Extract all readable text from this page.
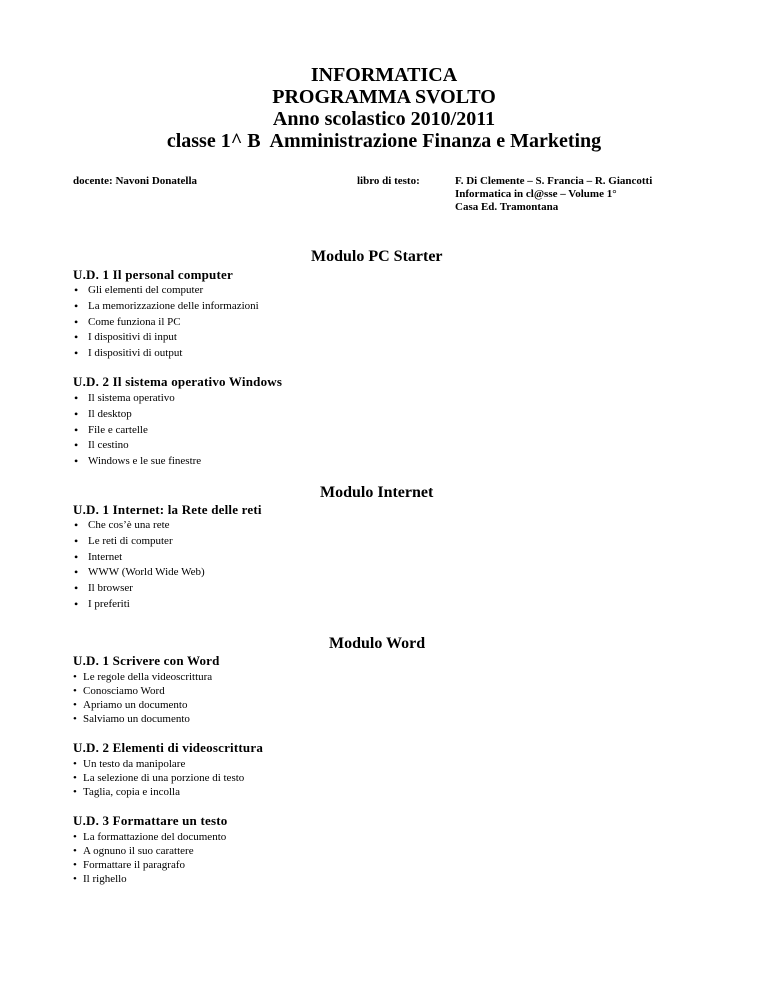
INFORMATICA
PROGRAMMA SVOLTO
Anno scolastico 2010/2011
classe 1^ B  Amministrazione Finanza e Marketing
docente: Navoni Donatella	libro di testo:	F. Di Clemente – S. Francia – R. Giancotti
Informatica in cl@sse – Volume 1°
Casa Ed. Tramontana
Modulo PC Starter
U.D. 1 Il personal computer
• Gli elementi del computer
• La memorizzazione delle informazioni
• Come funziona il PC
• I dispositivi di input
• I dispositivi di output
U.D. 2 Il sistema operativo Windows
• Il sistema operativo
• Il desktop
• File e cartelle
• Il cestino
• Windows e le sue finestre
Modulo Internet
U.D. 1 Internet: la Rete delle reti
• Che cos’è una rete
• Le reti di computer
• Internet
• WWW (World Wide Web)
• Il browser
• I preferiti
Modulo Word
U.D. 1 Scrivere con Word
• Le regole della videoscrittura
• Conosciamo Word
• Apriamo un documento
• Salviamo un documento
U.D. 2 Elementi di videoscrittura
• Un testo da manipolare
• La selezione di una porzione di testo
• Taglia, copia e incolla
U.D. 3 Formattare un testo
• La formattazione del documento
• A ognuno il suo carattere
• Formattare il paragrafo
• Il righello
